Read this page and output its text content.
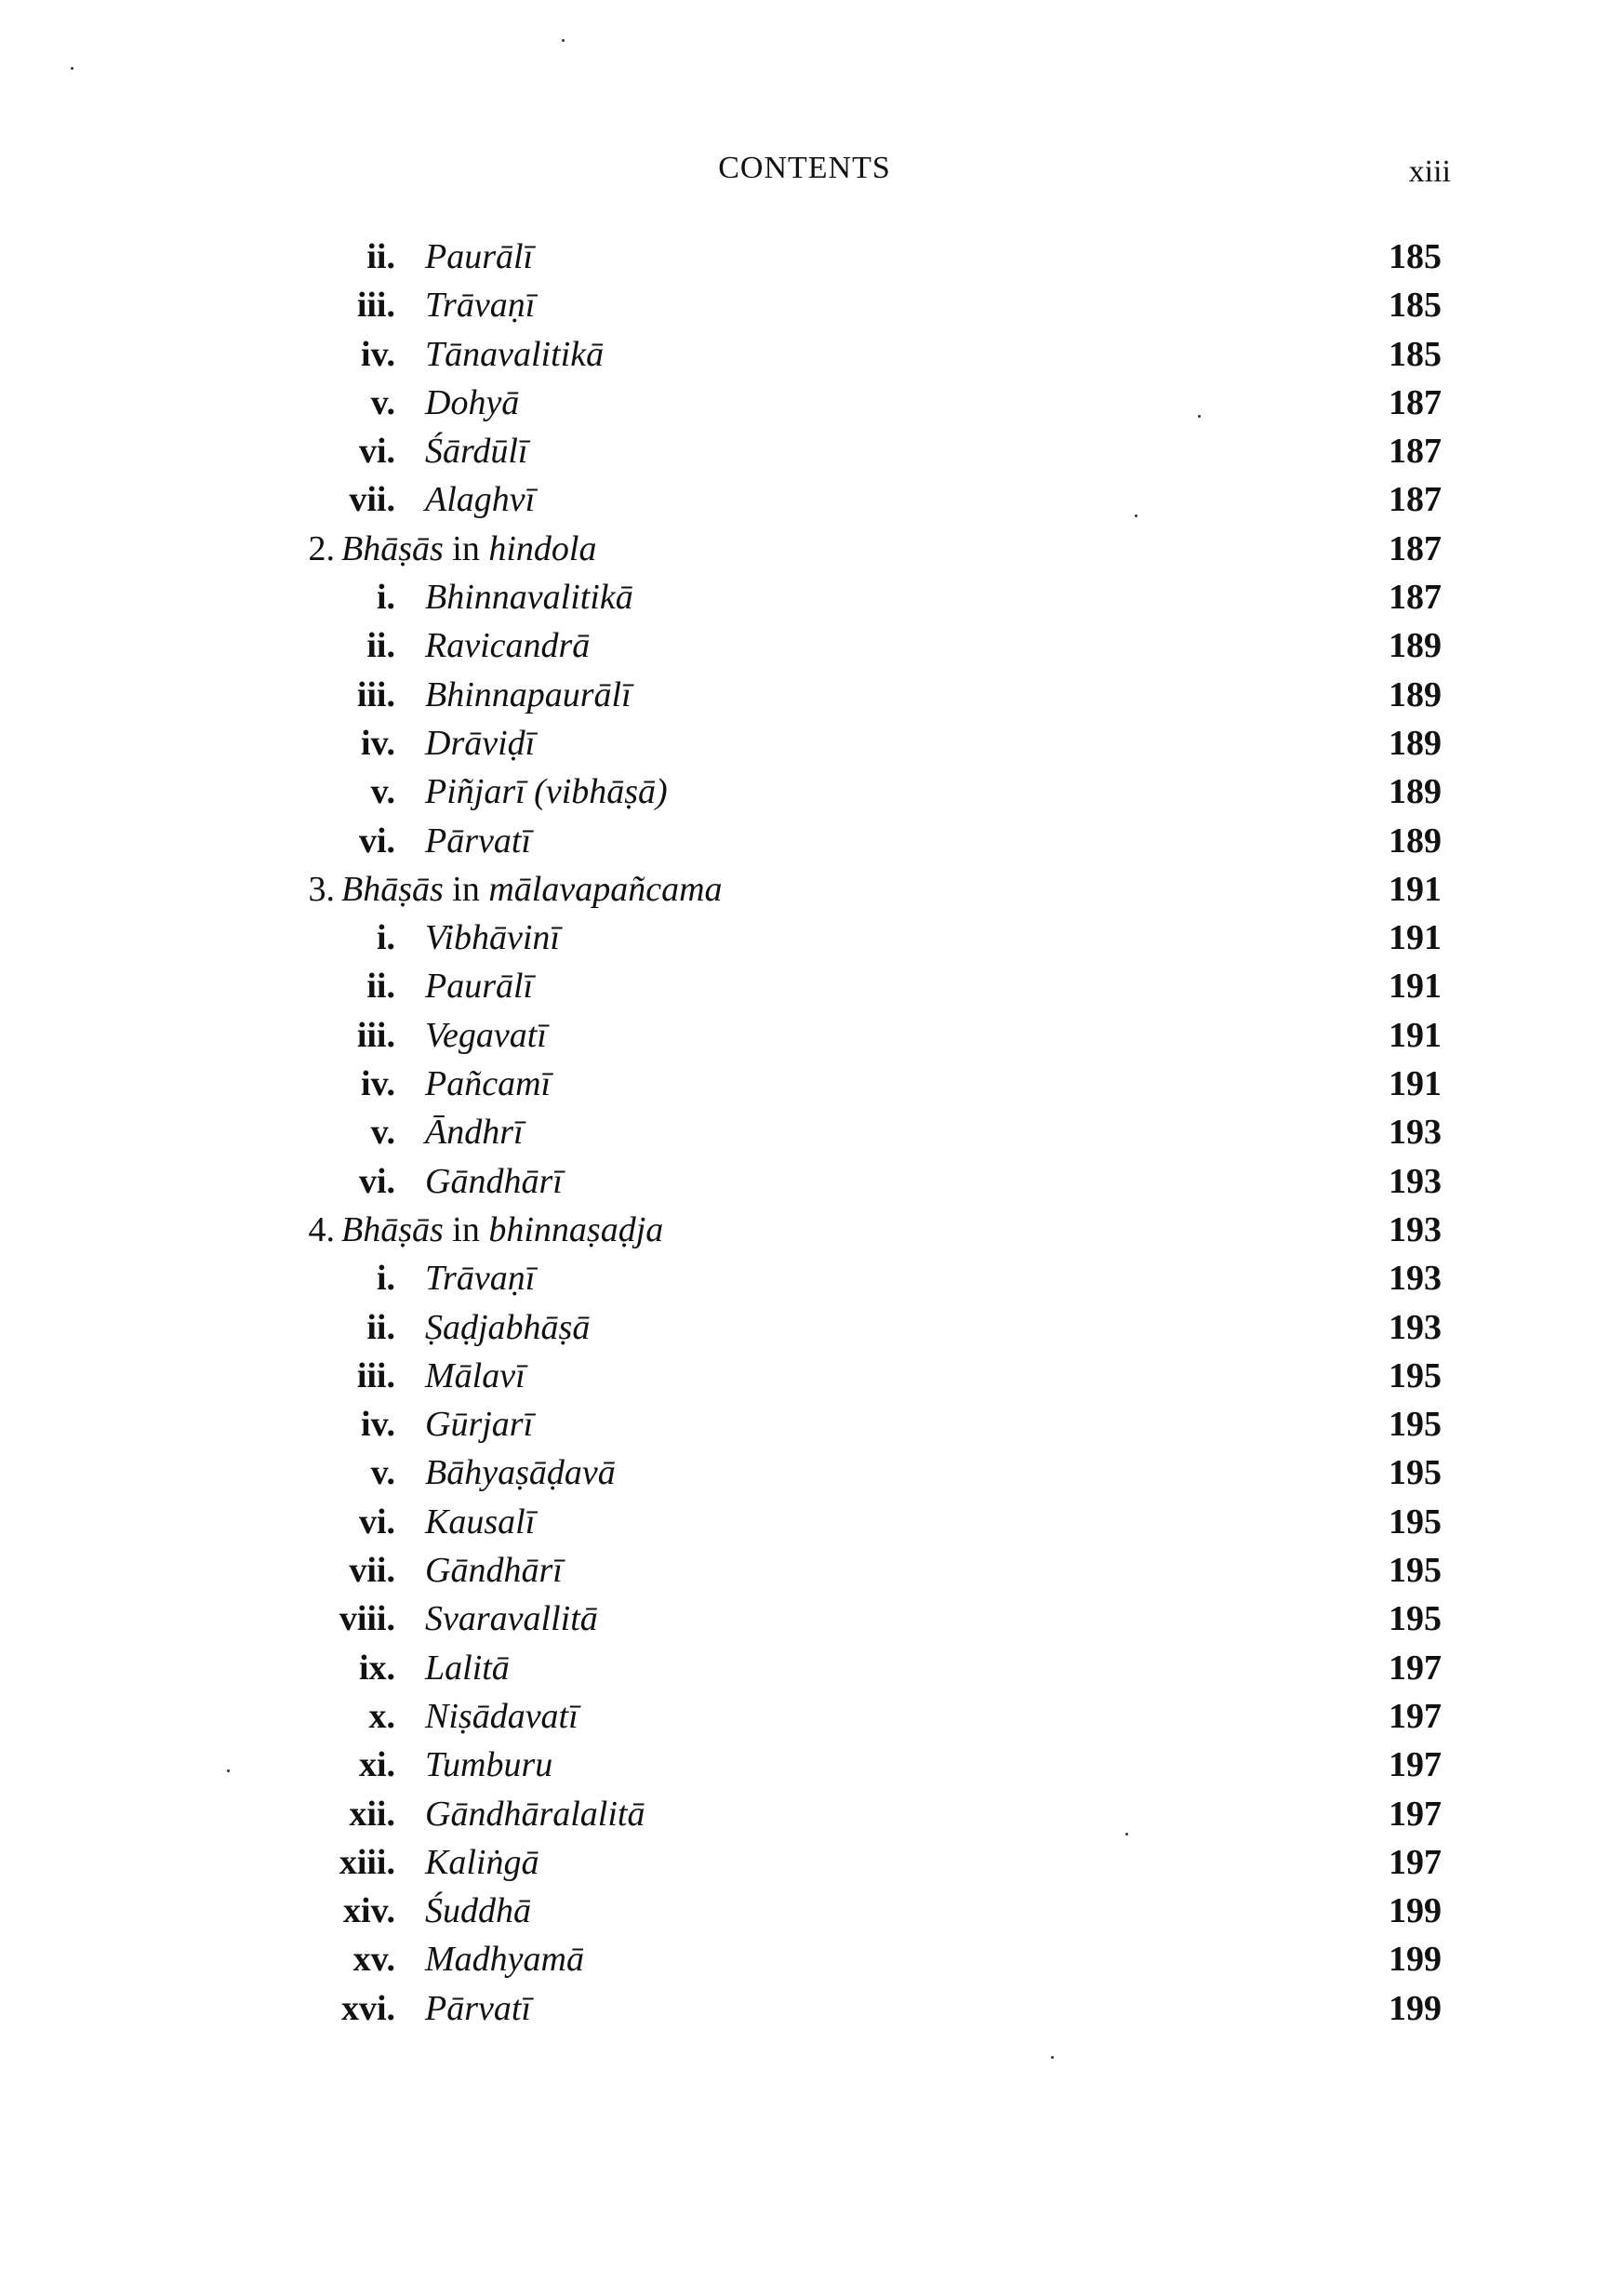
CONTENTS	xiii
ii. Paurālī	185
iii. Trāvaṇī	185
iv. Tānavalitikā	185
v. Dohyā	187
vi. Śārdūlī	187
vii. Alaghvī	187
2. Bhāṣās in hindola	187
i. Bhinnavalitikā	187
ii. Ravicandrā	189
iii. Bhinnapaurālī	189
iv. Drāviḍī	189
v. Piñjarī (vibhāṣā)	189
vi. Pārvatī	189
3. Bhāṣās in mālavapañcama	191
i. Vibhāvinī	191
ii. Paurālī	191
iii. Vegavatī	191
iv. Pañcamī	191
v. Āndhrī	193
vi. Gāndhārī	193
4. Bhāṣās in bhinnaṣaḍja	193
i. Trāvaṇī	193
ii. Ṣaḍjabhāṣā	193
iii. Mālavī	195
iv. Gūrjarī	195
v. Bāhyaṣāḍavā	195
vi. Kausalī	195
vii. Gāndhārī	195
viii. Svaravallitā	195
ix. Lalitā	197
x. Niṣādavatī	197
xi. Tumburu	197
xii. Gāndhāralalitā	197
xiii. Kaliṅgā	197
xiv. Śuddhā	199
xv. Madhyamā	199
xvi. Pārvatī	199
